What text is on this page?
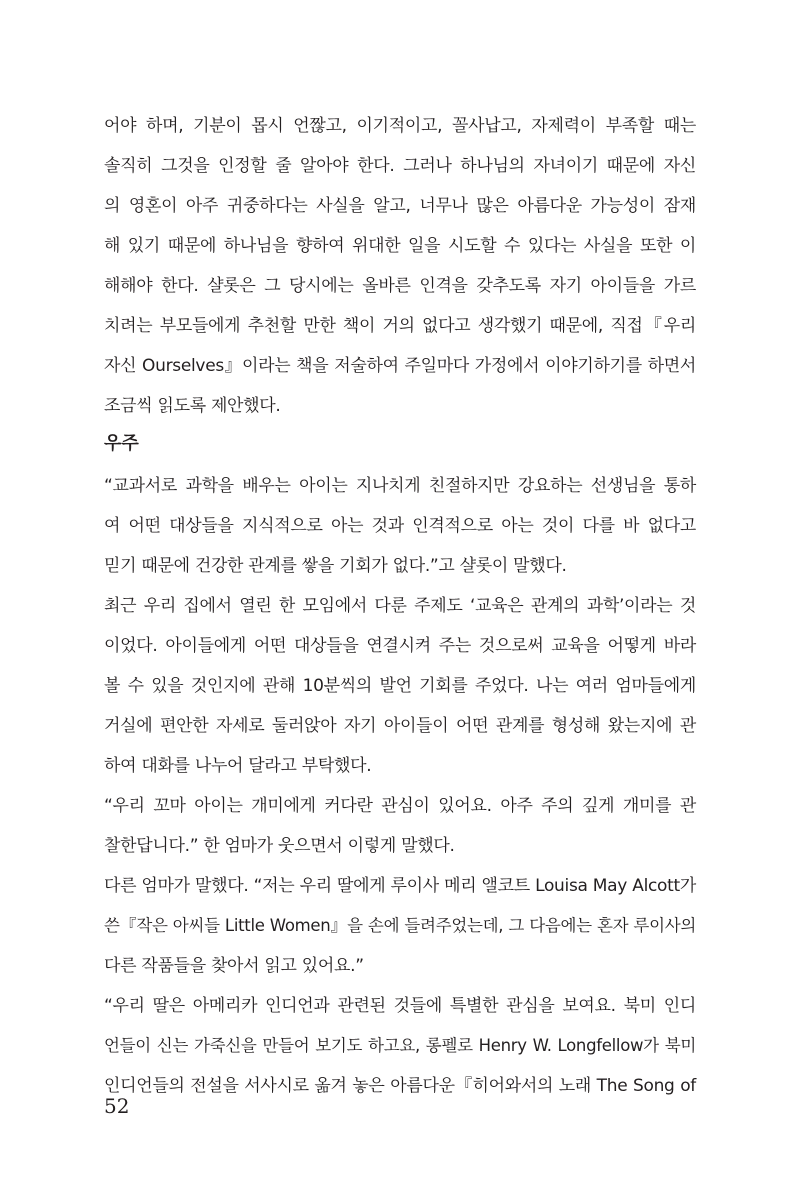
어야 하며, 기분이 몹시 언짢고, 이기적이고, 꼴사납고, 자제력이 부족할 때는
솔직히 그것을 인정할 줄 알아야 한다. 그러나 하나님의 자녀이기 때문에 자신
의 영혼이 아주 귀중하다는 사실을 알고, 너무나 많은 아름다운 가능성이 잠재
해 있기 때문에 하나님을 향하여 위대한 일을 시도할 수 있다는 사실을 또한 이
해해야 한다. 샬롯은 그 당시에는 올바른 인격을 갖추도록 자기 아이들을 가르
치려는 부모들에게 추천할 만한 책이 거의 없다고 생각했기 때문에, 직접『우리
자신 Ourselves』이라는 책을 저술하여 주일마다 가정에서 이야기하기를 하면서
조금씩 읽도록 제안했다.
우주
“교과서로 과학을 배우는 아이는 지나치게 친절하지만 강요하는 선생님을 통하
여 어떤 대상들을 지식적으로 아는 것과 인격적으로 아는 것이 다를 바 없다고
믿기 때문에 건강한 관계를 쌓을 기회가 없다.”고 샬롯이 말했다.
최근 우리 집에서 열린 한 모임에서 다룬 주제도 ‘교육은 관계의 과학’이라는 것
이었다. 아이들에게 어떤 대상들을 연결시켜 주는 것으로써 교육을 어떻게 바라
볼 수 있을 것인지에 관해 10분씩의 발언 기회를 주었다. 나는 여러 엄마들에게
거실에 편안한 자세로 둘러앉아 자기 아이들이 어떤 관계를 형성해 왔는지에 관
하여 대화를 나누어 달라고 부탁했다.
“우리 꼬마 아이는 개미에게 커다란 관심이 있어요. 아주 주의 깊게 개미를 관
찰한답니다.” 한 엄마가 웃으면서 이렇게 말했다.
다른 엄마가 말했다. “저는 우리 딸에게 루이사 메리 앨코트 Louisa May Alcott가
쓴『작은 아씨들 Little Women』을 손에 들려주었는데, 그 다음에는 혼자 루이사의
다른 작품들을 찾아서 읽고 있어요.”
“우리 딸은 아메리카 인디언과 관련된 것들에 특별한 관심을 보여요. 북미 인디
언들이 신는 가죽신을 만들어 보기도 하고요, 롱펠로 Henry W. Longfellow가 북미
인디언들의 전설을 서사시로 옮겨 놓은 아름다운『히어와서의 노래 The Song of
52
